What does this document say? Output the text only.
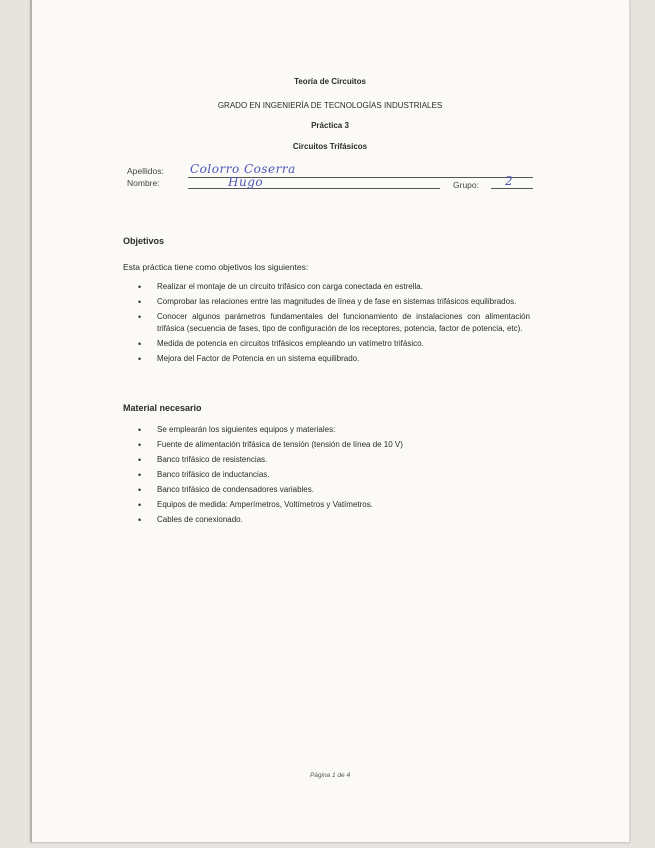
Teoría de Circuitos
GRADO EN INGENIERÍA DE TECNOLOGÍAS INDUSTRIALES
Práctica 3
Circuitos Trifásicos
Apellidos: Colorro Coserra
Nombre:	Hugo	Grupo: 2
Objetivos
Esta práctica tiene como objetivos los siguientes:
• Realizar el montaje de un circuito trifásico con carga conectada en estrella.
• Comprobar las relaciones entre las magnitudes de línea y de fase en sistemas trifásicos equilibrados.
• Conocer algunos parámetros fundamentales del funcionamiento de instalaciones con alimentación trifásica (secuencia de fases, tipo de configuración de los receptores, potencia, factor de potencia, etc).
• Medida de potencia en circuitos trifásicos empleando un vatímetro trifásico.
• Mejora del Factor de Potencia en un sistema equilibrado.
Material necesario
• Se emplearán los siguientes equipos y materiales:
• Fuente de alimentación trifásica de tensión (tensión de línea de 10 V)
• Banco trifásico de resistencias.
• Banco trifásico de inductancias.
• Banco trifásico de condensadores variables.
• Equipos de medida: Amperímetros, Voltímetros y Vatímetros.
• Cables de conexionado.
Página 1 de 4
